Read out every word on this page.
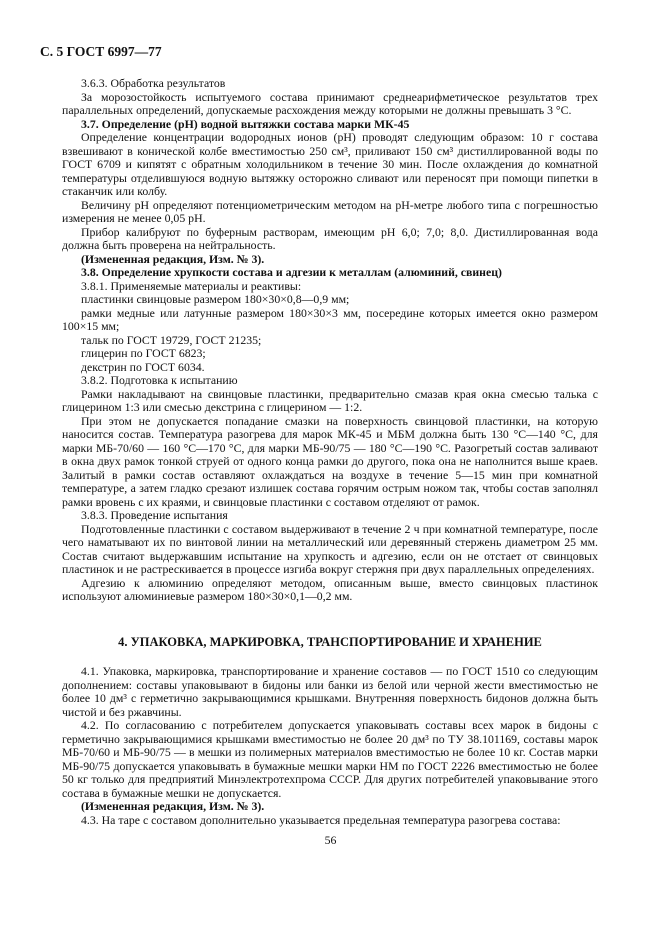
С. 5 ГОСТ 6997—77

3.6.3. Обработка результатов

За морозостойкость испытуемого состава принимают среднеарифметическое результатов трех параллельных определений, допускаемые расхождения между которыми не должны превышать 3 °С.

3.7. Определение (pH) водной вытяжки состава марки МК-45

Определение концентрации водородных ионов (pH) проводят следующим образом: 10 г состава взвешивают в конической колбе вместимостью 250 см³, приливают 150 см³ дистиллированной воды по ГОСТ 6709 и кипятят с обратным холодильником в течение 30 мин. После охлаждения до комнатной температуры отделившуюся водную вытяжку осторожно сливают или переносят при помощи пипетки в стаканчик или колбу.

Величину pH определяют потенциометрическим методом на pH-метре любого типа с погрешностью измерения не менее 0,05 pH.

Прибор калибруют по буферным растворам, имеющим pH 6,0; 7,0; 8,0. Дистиллированная вода должна быть проверена на нейтральность.

(Измененная редакция, Изм. № 3).

3.8. Определение хрупкости состава и адгезии к металлам (алюминий, свинец)

3.8.1. Применяемые материалы и реактивы:

пластинки свинцовые размером 180×30×0,8—0,9 мм;

рамки медные или латунные размером 180×30×3 мм, посередине которых имеется окно размером 100×15 мм;

тальк по ГОСТ 19729, ГОСТ 21235;

глицерин по ГОСТ 6823;

декстрин по ГОСТ 6034.

3.8.2. Подготовка к испытанию

Рамки накладывают на свинцовые пластинки, предварительно смазав края окна смесью талька с глицерином 1:3 или смесью декстрина с глицерином — 1:2.

При этом не допускается попадание смазки на поверхность свинцовой пластинки, на которую наносится состав. Температура разогрева для марок МК-45 и МБМ должна быть 130 °С—140 °С, для марки МБ-70/60 — 160 °С—170 °С, для марки МБ-90/75 — 180 °С—190 °С. Разогретый состав заливают в окна двух рамок тонкой струей от одного конца рамки до другого, пока она не наполнится выше краев. Залитый в рамки состав оставляют охлаждаться на воздухе в течение 5—15 мин при комнатной температуре, а затем гладко срезают излишек состава горячим острым ножом так, чтобы состав заполнял рамки вровень с их краями, и свинцовые пластинки с составом отделяют от рамок.

3.8.3. Проведение испытания

Подготовленные пластинки с составом выдерживают в течение 2 ч при комнатной температуре, после чего наматывают их по винтовой линии на металлический или деревянный стержень диаметром 25 мм. Состав считают выдержавшим испытание на хрупкость и адгезию, если он не отстает от свинцовых пластинок и не растрескивается в процессе изгиба вокруг стержня при двух параллельных определениях.

Адгезию к алюминию определяют методом, описанным выше, вместо свинцовых пластинок используют алюминиевые размером 180×30×0,1—0,2 мм.

4. УПАКОВКА, МАРКИРОВКА, ТРАНСПОРТИРОВАНИЕ И ХРАНЕНИЕ

4.1. Упаковка, маркировка, транспортирование и хранение составов — по ГОСТ 1510 со следующим дополнением: составы упаковывают в бидоны или банки из белой или черной жести вместимостью не более 10 дм³ с герметично закрывающимися крышками. Внутренняя поверхность бидонов должна быть чистой и без ржавчины.

4.2. По согласованию с потребителем допускается упаковывать составы всех марок в бидоны с герметично закрывающимися крышками вместимостью не более 20 дм³ по ТУ 38.101169, составы марок МБ-70/60 и МБ-90/75 — в мешки из полимерных материалов вместимостью не более 10 кг. Состав марки МБ-90/75 допускается упаковывать в бумажные мешки марки НМ по ГОСТ 2226 вместимостью не более 50 кг только для предприятий Минэлектротехпрома СССР. Для других потребителей упаковывание этого состава в бумажные мешки не допускается.

(Измененная редакция, Изм. № 3).

4.3. На таре с составом дополнительно указывается предельная температура разогрева состава:

56
